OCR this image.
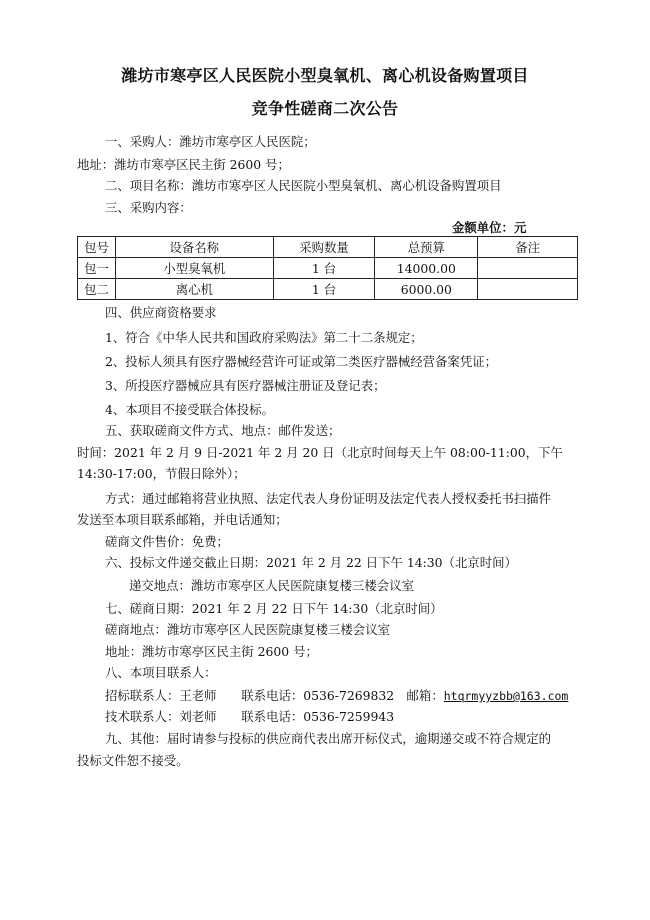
潍坊市寒亭区人民医院小型臭氧机、离心机设备购置项目
竞争性磋商二次公告
一、采购人：潍坊市寒亭区人民医院；
地址：潍坊市寒亭区民主街 2600 号；
二、项目名称：潍坊市寒亭区人民医院小型臭氧机、离心机设备购置项目
三、采购内容：
金额单位：元
包号	设备名称	采购数量	总预算	备注
包一	小型臭氧机	1 台	14000.00	
包二	离心机	1 台	6000.00	
四、供应商资格要求
1、符合《中华人民共和国政府采购法》第二十二条规定；
2、投标人须具有医疗器械经营许可证或第二类医疗器械经营备案凭证；
3、所投医疗器械应具有医疗器械注册证及登记表；
4、本项目不接受联合体投标。
五、获取磋商文件方式、地点：邮件发送；
时间：2021 年 2 月 9 日-2021 年 2 月 20 日（北京时间每天上午 08:00-11:00，下午
14:30-17:00，节假日除外）；
方式：通过邮箱将营业执照、法定代表人身份证明及法定代表人授权委托书扫描件
发送至本项目联系邮箱，并电话通知；
磋商文件售价：免费；
六、投标文件递交截止日期：2021 年 2 月 22 日下午 14:30（北京时间）
递交地点：潍坊市寒亭区人民医院康复楼三楼会议室
七、磋商日期：2021 年 2 月 22 日下午 14:30（北京时间）
磋商地点：潍坊市寒亭区人民医院康复楼三楼会议室
地址：潍坊市寒亭区民主街 2600 号；
八、本项目联系人：
招标联系人：王老师　　联系电话：0536-7269832　邮箱：htqrmyyzbb@163.com
技术联系人：刘老师　　联系电话：0536-7259943
九、其他：届时请参与投标的供应商代表出席开标仪式，逾期递交或不符合规定的
投标文件恕不接受。
